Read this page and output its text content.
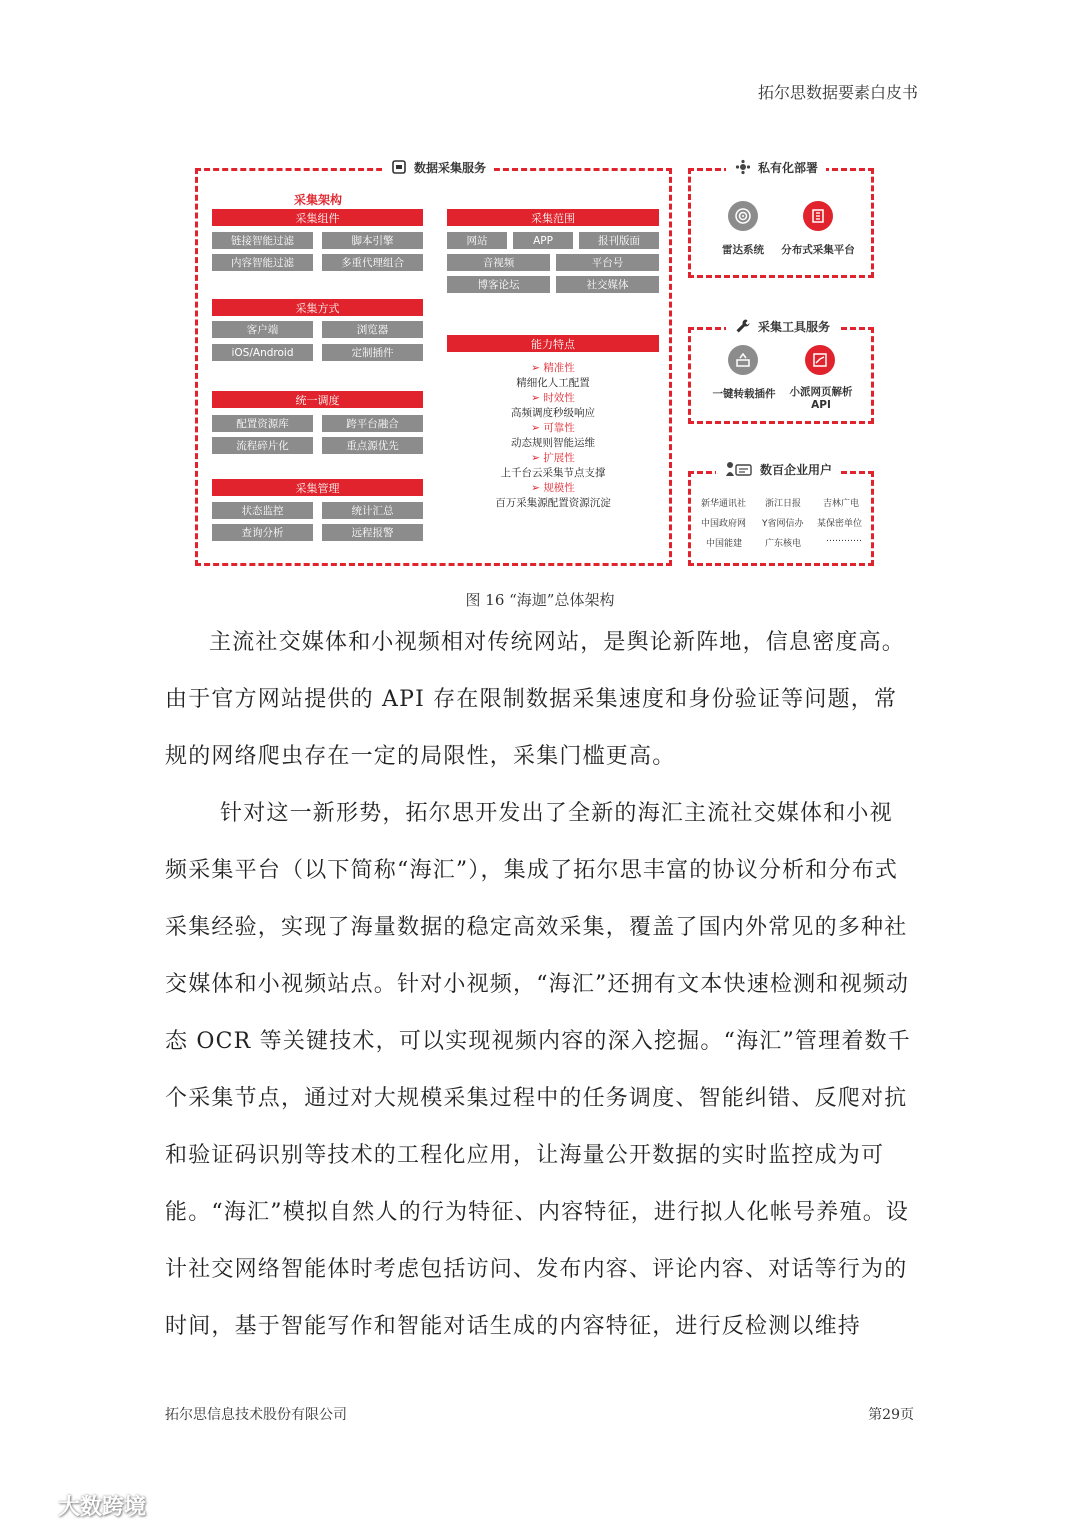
拓尔思数据要素白皮书
数据采集服务
采集架构
采集组件
链接智能过滤	脚本引擎
内容智能过滤	多重代理组合
采集方式
客户端	浏览器
iOS/Android	定制插件
统一调度
配置资源库	跨平台融合
流程碎片化	重点源优先
采集管理
状态监控	统计汇总
查询分析	远程报警
采集范围
网站	APP	报刊版面
音视频	平台号
博客论坛	社交媒体
能力特点
➢ 精准性
精细化人工配置
➢ 时效性
高频调度秒级响应
➢ 可靠性
动态规则智能运维
➢ 扩展性
上千台云采集节点支撑
➢ 规模性
百万采集源配置资源沉淀
私有化部署
雷达系统	分布式采集平台
采集工具服务
一键转载插件	小派网页解析
API
数百企业用户
新华通讯社 浙江日报 吉林广电
中国政府网 Y省网信办 某保密单位
中国能建	广东核电	…………
图 16 “海迦”总体架构

主流社交媒体和小视频相对传统网站，是舆论新阵地，信息密度高。由于官方网站提供的 API 存在限制数据采集速度和身份验证等问题，常规的网络爬虫存在一定的局限性，采集门槛更高。

针对这一新形势，拓尔思开发出了全新的海汇主流社交媒体和小视频采集平台（以下简称“海汇”），集成了拓尔思丰富的协议分析和分布式采集经验，实现了海量数据的稳定高效采集，覆盖了国内外常见的多种社交媒体和小视频站点。针对小视频，“海汇”还拥有文本快速检测和视频动态 OCR 等关键技术，可以实现视频内容的深入挖掘。“海汇”管理着数千个采集节点，通过对大规模采集过程中的任务调度、智能纠错、反爬对抗和验证码识别等技术的工程化应用，让海量公开数据的实时监控成为可能。“海汇”模拟自然人的行为特征、内容特征，进行拟人化帐号养殖。设计社交网络智能体时考虑包括访问、发布内容、评论内容、对话等行为的时间，基于智能写作和智能对话生成的内容特征，进行反检测以维持

拓尔思信息技术股份有限公司	第29页
大数跨境
